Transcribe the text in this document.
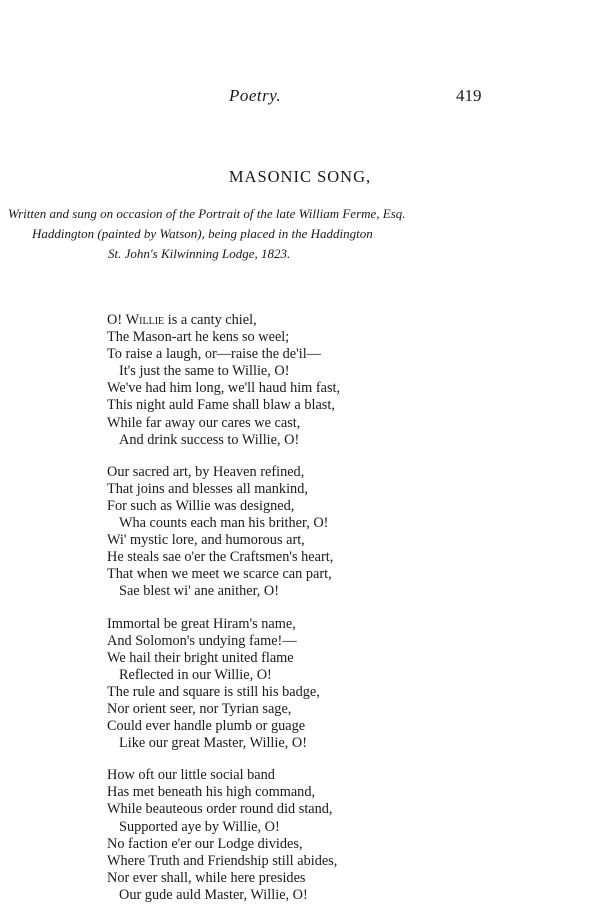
Poetry.	419
MASONIC SONG,
Written and sung on occasion of the Portrait of the late William Ferme, Esq.
Haddington (painted by Watson), being placed in the Haddington
St. John's Kilwinning Lodge, 1823.
O! Willie is a canty chiel,
The Mason-art he kens so weel;
To raise a laugh, or—raise the de'il—
It's just the same to Willie, O!
We've had him long, we'll haud him fast,
This night auld Fame shall blaw a blast,
While far away our cares we cast,
And drink success to Willie, O!
Our sacred art, by Heaven refined,
That joins and blesses all mankind,
For such as Willie was designed,
Wha counts each man his brither, O!
Wi' mystic lore, and humorous art,
He steals sae o'er the Craftsmen's heart,
That when we meet we scarce can part,
Sae blest wi' ane anither, O!
Immortal be great Hiram's name,
And Solomon's undying fame!—
We hail their bright united flame
Reflected in our Willie, O!
The rule and square is still his badge,
Nor orient seer, nor Tyrian sage,
Could ever handle plumb or guage
Like our great Master, Willie, O!
How oft our little social band
Has met beneath his high command,
While beauteous order round did stand,
Supported aye by Willie, O!
No faction e'er our Lodge divides,
Where Truth and Friendship still abides,
Nor ever shall, while here presides
Our gude auld Master, Willie, O!
